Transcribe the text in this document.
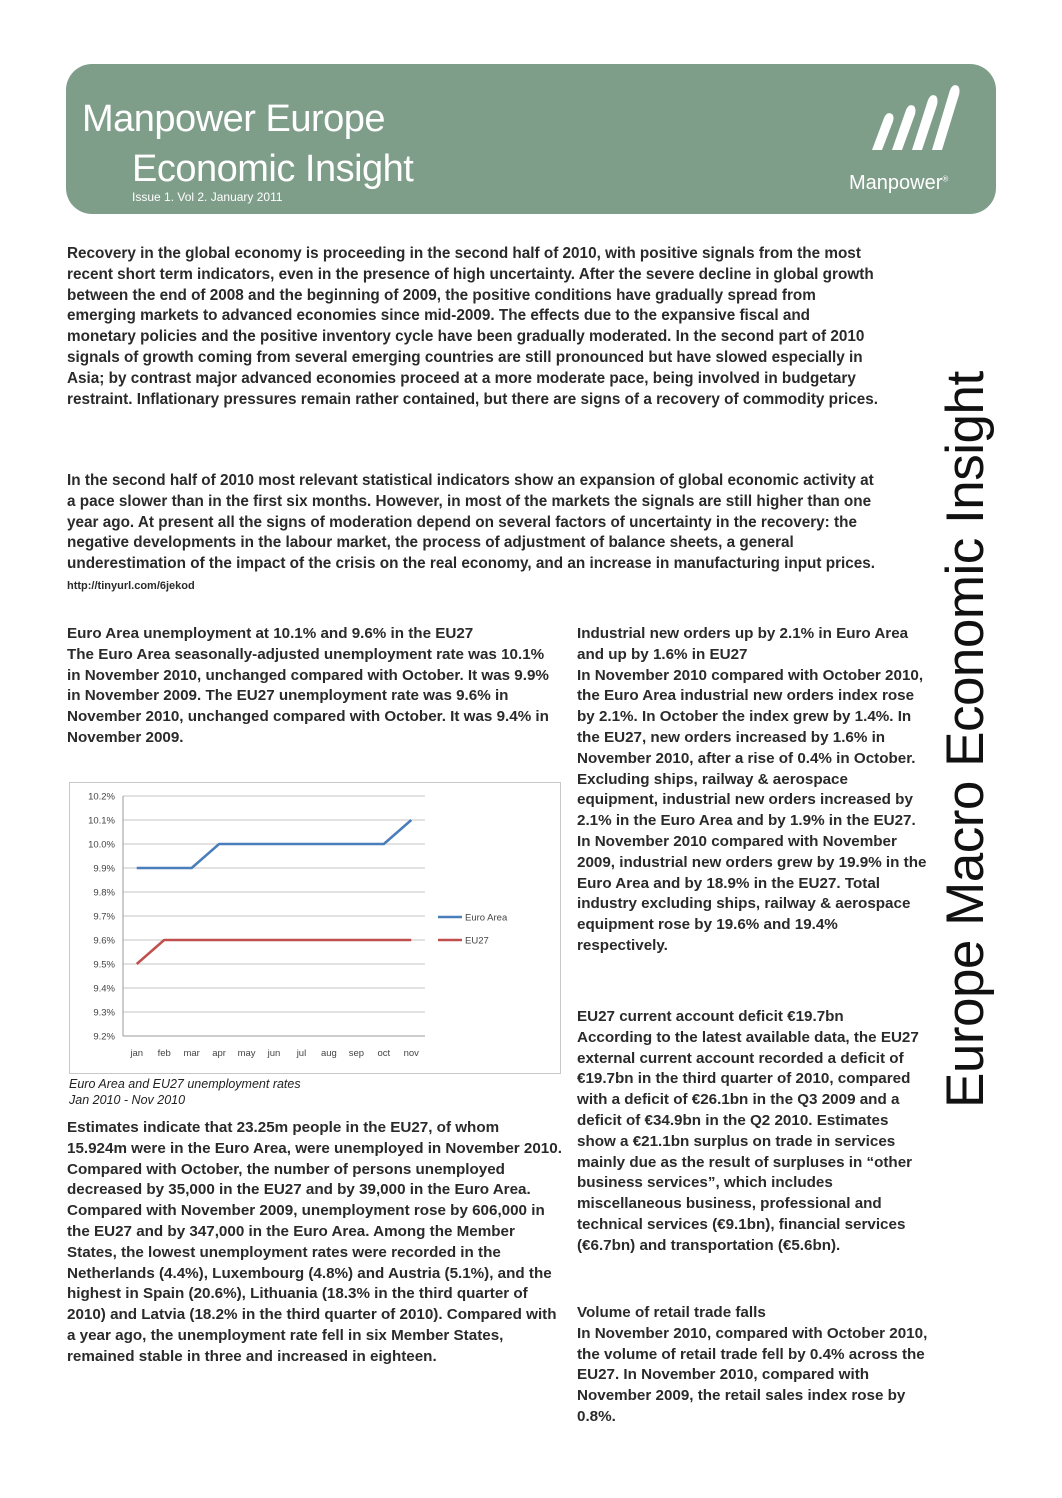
Manpower Europe
Economic Insight
Issue 1. Vol 2. January 2011
Manpower®
Europe Macro Economic Insight
Recovery in the global economy is proceeding in the second half of 2010, with positive signals from the most recent short term indicators, even in the presence of high uncertainty. After the severe decline in global growth between the end of 2008 and the beginning of 2009, the positive conditions have gradually spread from emerging markets to advanced economies since mid-2009. The effects due to the expansive fiscal and monetary policies and the positive inventory cycle have been gradually moderated. In the second part of 2010 signals of growth coming from several emerging countries are still pronounced but have slowed especially in Asia; by contrast major advanced economies proceed at a more moderate pace, being involved in budgetary restraint. Inflationary pressures remain rather contained, but there are signs of a recovery of commodity prices.
In the second half of 2010 most relevant statistical indicators show an expansion of global economic activity at a pace slower than in the first six months. However, in most of the markets the signals are still higher than one year ago. At present all the signs of moderation depend on several factors of uncertainty in the recovery: the negative developments in the labour market, the process of adjustment of balance sheets, a general underestimation of the impact of the crisis on the real economy, and an increase in manufacturing input prices. http://tinyurl.com/6jekod
Euro Area unemployment at 10.1% and 9.6% in the EU27
The Euro Area seasonally-adjusted unemployment rate was 10.1% in November 2010, unchanged compared with October. It was 9.9% in November 2009. The EU27 unemployment rate was 9.6% in November 2010, unchanged compared with October. It was 9.4% in November 2009.
9.2%
9.3%
9.4%
9.5%
9.6%
9.7%
9.8%
9.9%
10.0%
10.1%
10.2%
jan feb mar apr may jun jul aug sep oct nov
Euro Area
EU27
Euro Area and EU27 unemployment rates
Jan 2010 - Nov 2010
Estimates indicate that 23.25m people in the EU27, of whom 15.924m were in the Euro Area, were unemployed in November 2010. Compared with October, the number of persons unemployed decreased by 35,000 in the EU27 and by 39,000 in the Euro Area. Compared with November 2009, unemployment rose by 606,000 in the EU27 and by 347,000 in the Euro Area. Among the Member States, the lowest unemployment rates were recorded in the Netherlands (4.4%), Luxembourg (4.8%) and Austria (5.1%), and the highest in Spain (20.6%), Lithuania (18.3% in the third quarter of 2010) and Latvia (18.2% in the third quarter of 2010). Compared with a year ago, the unemployment rate fell in six Member States, remained stable in three and increased in eighteen.
Industrial new orders up by 2.1% in Euro Area and up by 1.6% in EU27
In November 2010 compared with October 2010, the Euro Area industrial new orders index rose by 2.1%. In October the index grew by 1.4%. In the EU27, new orders increased by 1.6% in November 2010, after a rise of 0.4% in October. Excluding ships, railway & aerospace equipment, industrial new orders increased by 2.1% in the Euro Area and by 1.9% in the EU27. In November 2010 compared with November 2009, industrial new orders grew by 19.9% in the Euro Area and by 18.9% in the EU27. Total industry excluding ships, railway & aerospace equipment rose by 19.6% and 19.4% respectively.
EU27 current account deficit €19.7bn
According to the latest available data, the EU27 external current account recorded a deficit of €19.7bn in the third quarter of 2010, compared with a deficit of €26.1bn in the Q3 2009 and a deficit of €34.9bn in the Q2 2010. Estimates show a €21.1bn surplus on trade in services mainly due as the result of surpluses in “other business services”, which includes miscellaneous business, professional and technical services (€9.1bn), financial services (€6.7bn) and transportation (€5.6bn).
Volume of retail trade falls
In November 2010, compared with October 2010, the volume of retail trade fell by 0.4% across the EU27. In November 2010, compared with November 2009, the retail sales index rose by 0.8%.
